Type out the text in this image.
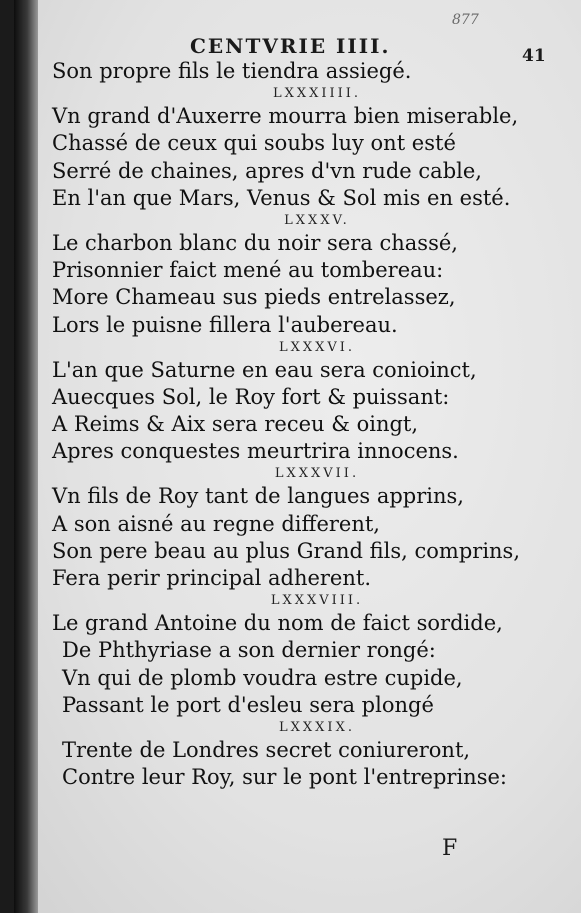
877
CENTVRIE IIII.	41
Son propre fils le tiendra assiegé.
LXXXIIII.
Vn grand d'Auxerre mourra bien miserable,
Chassé de ceux qui soubs luy ont esté
Serré de chaines, apres d'vn rude cable,
En l'an que Mars, Venus & Sol mis en esté.
LXXXV.
Le charbon blanc du noir sera chassé,
Prisonnier faict mené au tombereau:
More Chameau sus pieds entrelassez,
Lors le puisne fillera l'aubereau.
LXXXVI.
L'an que Saturne en eau sera conioinct,
Auecques Sol, le Roy fort & puissant:
A Reims & Aix sera receu & oingt,
Apres conquestes meurtrira innocens.
LXXXVII.
Vn fils de Roy tant de langues apprins,
A son aisné au regne different,
Son pere beau au plus Grand fils, comprins,
Fera perir principal adherent.
LXXXVIII.
Le grand Antoine du nom de faict sordide,
De Phthyriase a son dernier rongé:
Vn qui de plomb voudra estre cupide,
Passant le port d'esleu sera plongé
LXXXIX.
Trente de Londres secret coniureront,
Contre leur Roy, sur le pont l'entreprinse:
F
